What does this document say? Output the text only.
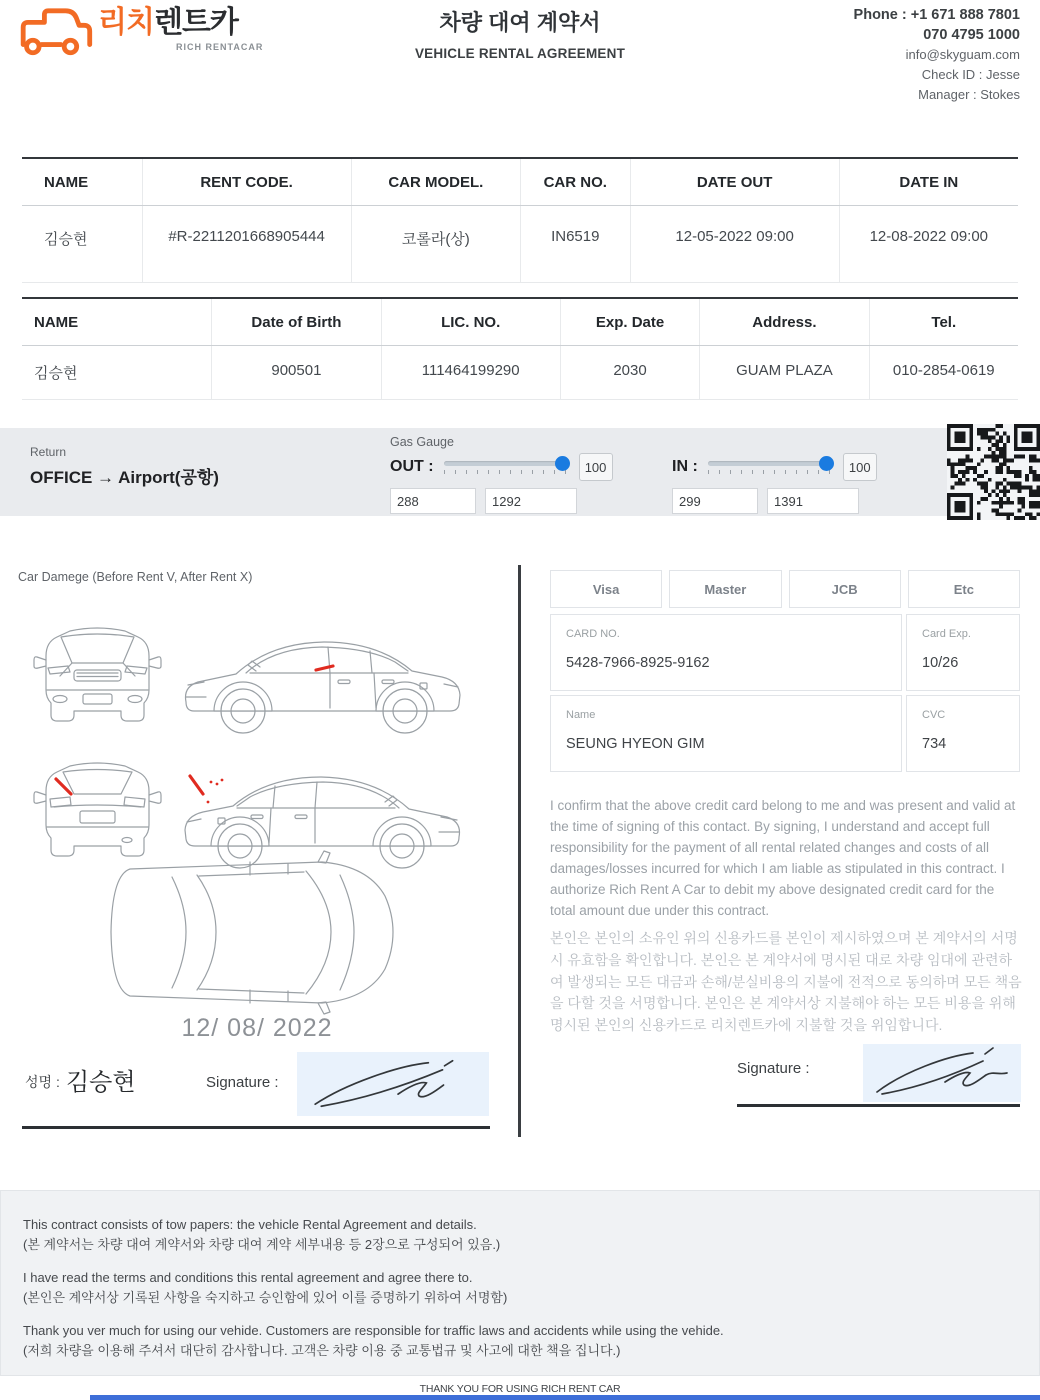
리치렌트카
RICH RENTACAR
차량 대여 계약서
VEHICLE RENTAL AGREEMENT
Phone : +1 671 888 7801
070 4795 1000
info@skyguam.com
Check ID : Jesse
Manager : Stokes
NAME	RENT CODE.	CAR MODEL.	CAR NO.	DATE OUT	DATE IN
김승현	#R-2211201668905444	코롤라(상)	IN6519	12-05-2022 09:00	12-08-2022 09:00
NAME	Date of Birth	LIC. NO.	Exp. Date	Address.	Tel.
김승현	900501	111464199290	2030	GUAM PLAZA	010-2854-0619
Return
OFFICE → Airport(공항)
Gas Gauge
OUT :	100
288	1292
IN :	100
299	1391
Car Damege (Before Rent V, After Rent X)
12/ 08/ 2022
성명 : 김승현	Signature :
Visa	Master	JCB	Etc
CARD NO.
5428-7966-8925-9162
Card Exp.
10/26
Name
SEUNG HYEON GIM
CVC
734
I confirm that the above credit card belong to me and was present and valid at the time of signing of this contact. By signing, I understand and accept full responsibility for the payment of all rental related changes and costs of all damages/losses incurred for which I am liable as stipulated in this contract. I authorize Rich Rent A Car to debit my above designated credit card for the total amount due under this contract.
본인은 본인의 소유인 위의 신용카드를 본인이 제시하였으며 본 계약서의 서명시 유효함을 확인합니다. 본인은 본 계약서에 명시된 대로 차량 임대에 관련하여 발생되는 모든 대금과 손해/분실비용의 지불에 전적으로 동의하며 모든 책음을 다할 것을 서명합니다. 본인은 본 계약서상 지불해야 하는 모든 비용을 위해 명시된 본인의 신용카드로 리치렌트카에 지불할 것을 위임합니다.
Signature :
This contract consists of tow papers: the vehicle Rental Agreement and details.
(본 계약서는 차량 대여 계약서와 차량 대여 계약 세부내용 등 2장으로 구성되어 있음.)
I have read the terms and conditions this rental agreement and agree there to.
(본인은 계약서상 기록된 사항을 숙지하고 승인함에 있어 이를 증명하기 위하여 서명함)
Thank you ver much for using our vehide. Customers are responsible for traffic laws and accidents while using the vehide.
(저희 차량을 이용해 주셔서 대단히 감사합니다. 고객은 차량 이용 중 교통법규 및 사고에 대한 책을 집니다.)
THANK YOU FOR USING RICH RENT CAR
